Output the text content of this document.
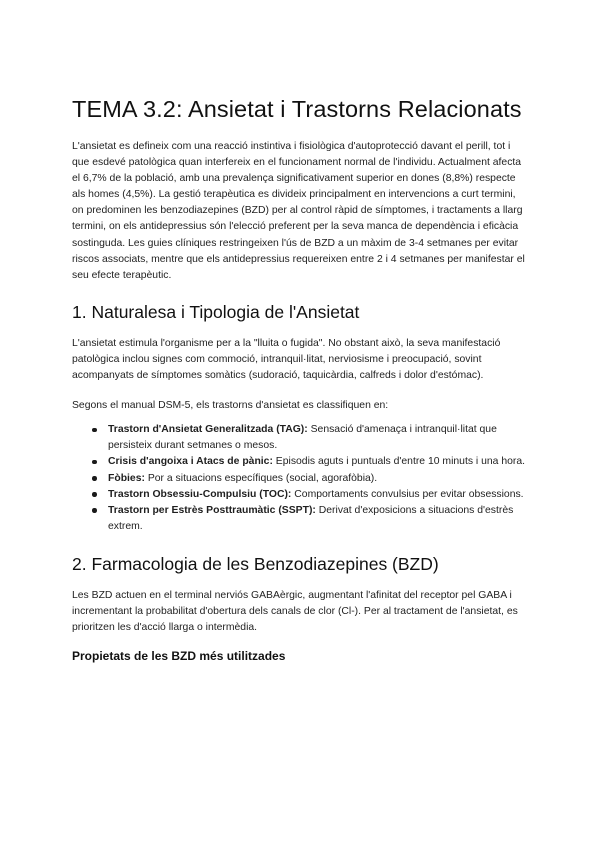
TEMA 3.2: Ansietat i Trastorns Relacionats

L'ansietat es defineix com una reacció instintiva i fisiològica d'autoprotecció davant el perill, tot i que esdevé patològica quan interfereix en el funcionament normal de l'individu. Actualment afecta el 6,7% de la població, amb una prevalença significativament superior en dones (8,8%) respecte als homes (4,5%). La gestió terapèutica es divideix principalment en intervencions a curt termini, on predominen les benzodiazepines (BZD) per al control ràpid de símptomes, i tractaments a llarg termini, on els antidepressius són l'elecció preferent per la seva manca de dependència i eficàcia sostinguda. Les guies clíniques restringeixen l'ús de BZD a un màxim de 3-4 setmanes per evitar riscos associats, mentre que els antidepressius requereixen entre 2 i 4 setmanes per manifestar el seu efecte terapèutic.

1. Naturalesa i Tipologia de l'Ansietat

L'ansietat estimula l'organisme per a la "lluita o fugida". No obstant això, la seva manifestació patològica inclou signes com commoció, intranquil·litat, nerviosisme i preocupació, sovint acompanyats de símptomes somàtics (sudoració, taquicàrdia, calfreds i dolor d'estómac).

Segons el manual DSM-5, els trastorns d'ansietat es classifiquen en:

Trastorn d'Ansietat Generalitzada (TAG): Sensació d'amenaça i intranquil·litat que persisteix durant setmanes o mesos.
Crisis d'angoixa i Atacs de pànic: Episodis aguts i puntuals d'entre 10 minuts i una hora.
Fòbies: Por a situacions específiques (social, agorafòbia).
Trastorn Obsessiu-Compulsiu (TOC): Comportaments convulsius per evitar obsessions.
Trastorn per Estrès Posttraumàtic (SSPT): Derivat d'exposicions a situacions d'estrès extrem.
2. Farmacologia de les Benzodiazepines (BZD)

Les BZD actuen en el terminal nerviós GABAèrgic, augmentant l'afinitat del receptor pel GABA i incrementant la probabilitat d'obertura dels canals de clor (Cl-). Per al tractament de l'ansietat, es prioritzen les d'acció llarga o intermèdia.

Propietats de les BZD més utilitzades
